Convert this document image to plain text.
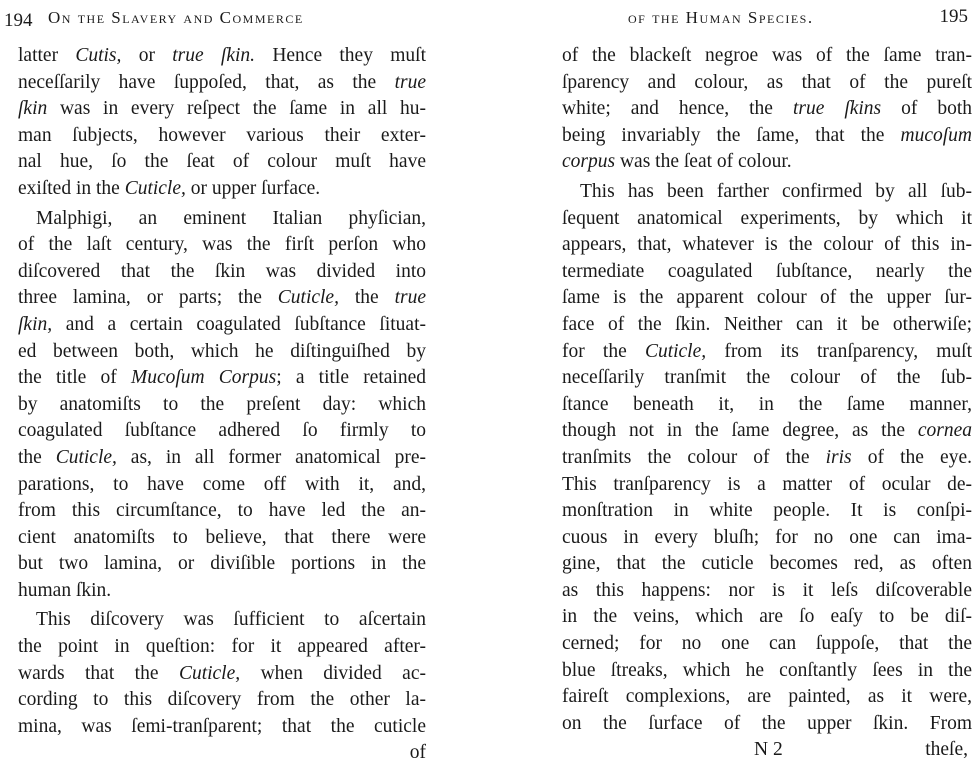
194 On the Slavery and Commerce
latter Cutis, or true ſkin. Hence they muſt
neceſſarily have ſuppoſed, that, as the true
ſkin was in every reſpect the ſame in all hu-
man ſubjects, however various their exter-
nal hue, ſo the ſeat of colour muſt have
exiſted in the Cuticle, or upper ſurface.
Malphigi, an eminent Italian phyſician,
of the laſt century, was the firſt perſon who
diſcovered that the ſkin was divided into
three lamina, or parts; the Cuticle, the true
ſkin, and a certain coagulated ſubſtance ſituat-
ed between both, which he diſtinguiſhed by
the title of Mucoſum Corpus; a title retained
by anatomiſts to the preſent day: which
coagulated ſubſtance adhered ſo firmly to
the Cuticle, as, in all former anatomical pre-
parations, to have come off with it, and,
from this circumſtance, to have led the an-
cient anatomiſts to believe, that there were
but two lamina, or diviſible portions in the
human ſkin.
This diſcovery was ſufficient to aſcertain
the point in queſtion: for it appeared after-
wards that the Cuticle, when divided ac-
cording to this diſcovery from the other la-
mina, was ſemi-tranſparent; that the cuticle
of
of the Human Species.	195
of the blackeſt negroe was of the ſame tran-
ſparency and colour, as that of the pureſt
white; and hence, the true ſkins of both
being invariably the ſame, that the mucoſum
corpus was the ſeat of colour.
This has been farther confirmed by all ſub-
ſequent anatomical experiments, by which it
appears, that, whatever is the colour of this in-
termediate coagulated ſubſtance, nearly the
ſame is the apparent colour of the upper ſur-
face of the ſkin. Neither can it be otherwiſe;
for the Cuticle, from its tranſparency, muſt
neceſſarily tranſmit the colour of the ſub-
ſtance beneath it, in the ſame manner,
though not in the ſame degree, as the cornea
tranſmits the colour of the iris of the eye.
This tranſparency is a matter of ocular de-
monſtration in white people. It is conſpi-
cuous in every bluſh; for no one can ima-
gine, that the cuticle becomes red, as often
as this happens: nor is it leſs diſcoverable
in the veins, which are ſo eaſy to be diſ-
cerned; for no one can ſuppoſe, that the
blue ſtreaks, which he conſtantly ſees in the
faireſt complexions, are painted, as it were,
on the ſurface of the upper ſkin. From
N 2	theſe,
